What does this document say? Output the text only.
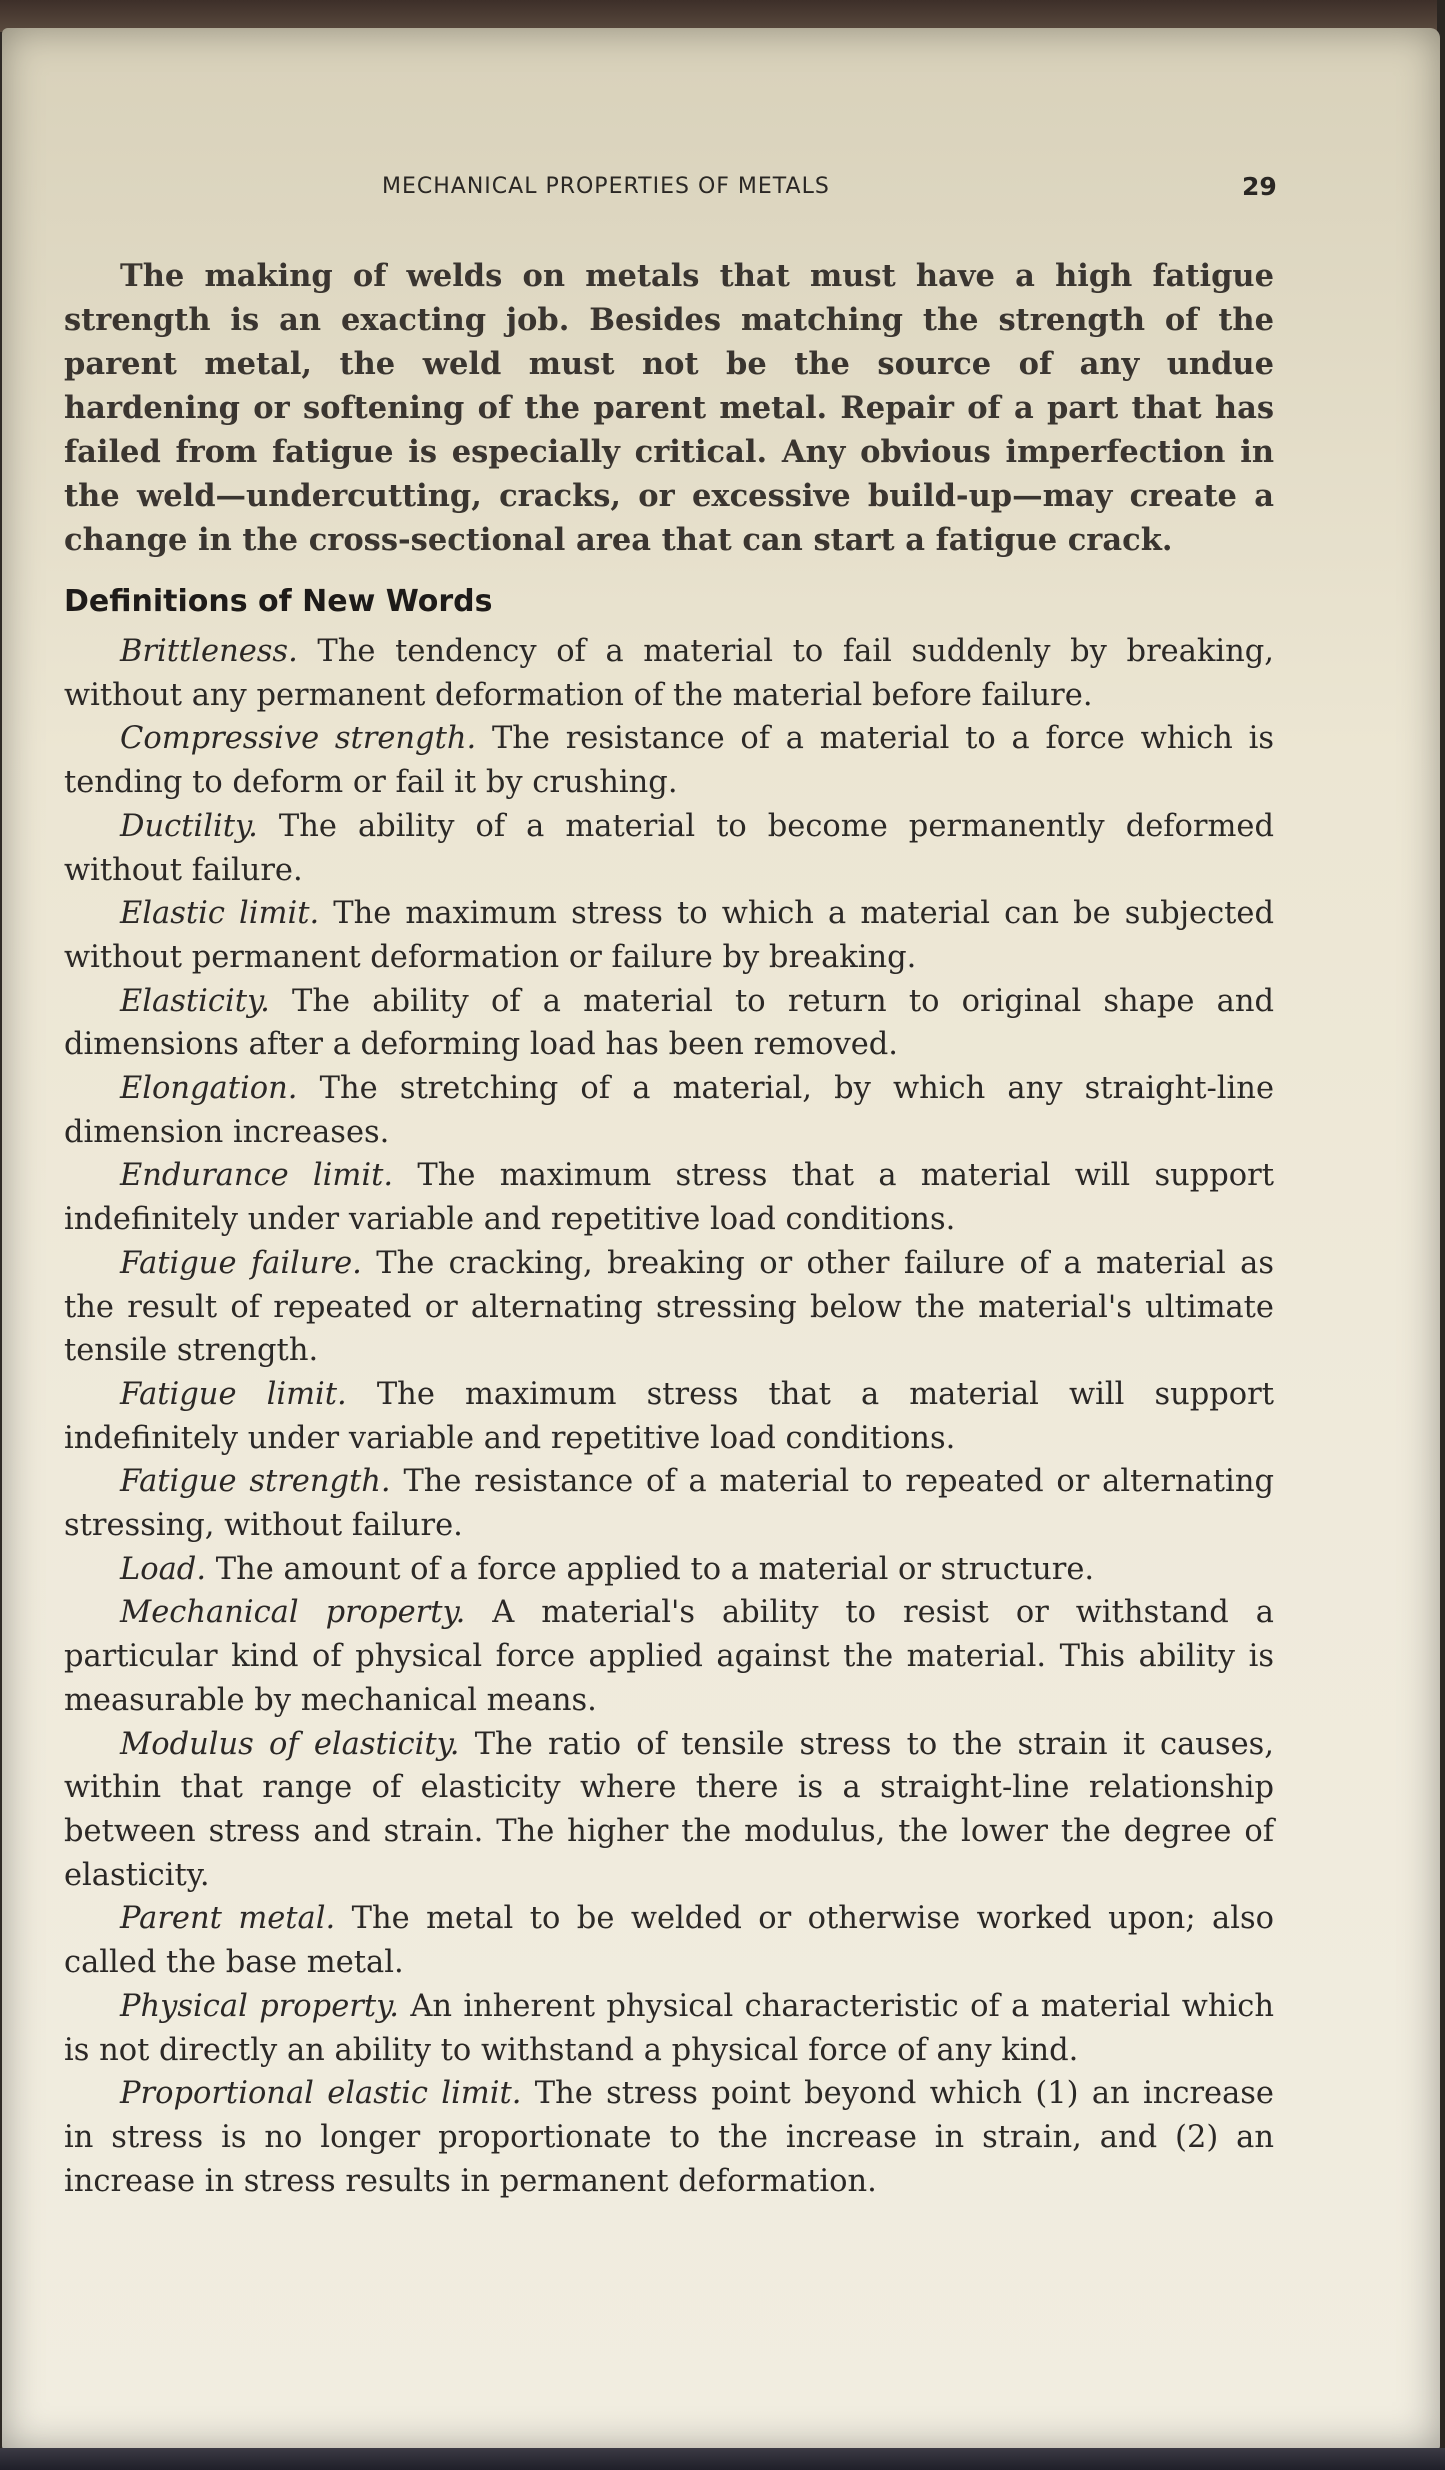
MECHANICAL PROPERTIES OF METALS	29

The making of welds on metals that must have a high fatigue strength is an exacting job. Besides matching the strength of the parent metal, the weld must not be the source of any undue hardening or softening of the parent metal. Repair of a part that has failed from fatigue is especially critical. Any obvious imperfection in the weld—undercutting, cracks, or excessive build-up—may create a change in the cross-sectional area that can start a fatigue crack.

Definitions of New Words

Brittleness. The tendency of a material to fail suddenly by breaking, without any permanent deformation of the material before failure.

Compressive strength. The resistance of a material to a force which is tending to deform or fail it by crushing.

Ductility. The ability of a material to become permanently deformed without failure.

Elastic limit. The maximum stress to which a material can be subjected without permanent deformation or failure by breaking.

Elasticity. The ability of a material to return to original shape and dimensions after a deforming load has been removed.

Elongation. The stretching of a material, by which any straight-line dimension increases.

Endurance limit. The maximum stress that a material will support indefinitely under variable and repetitive load conditions.

Fatigue failure. The cracking, breaking or other failure of a material as the result of repeated or alternating stressing below the material's ultimate tensile strength.

Fatigue limit. The maximum stress that a material will support indefinitely under variable and repetitive load conditions.

Fatigue strength. The resistance of a material to repeated or alternating stressing, without failure.

Load. The amount of a force applied to a material or structure.

Mechanical property. A material's ability to resist or withstand a particular kind of physical force applied against the material. This ability is measurable by mechanical means.

Modulus of elasticity. The ratio of tensile stress to the strain it causes, within that range of elasticity where there is a straight-line relationship between stress and strain. The higher the modulus, the lower the degree of elasticity.

Parent metal. The metal to be welded or otherwise worked upon; also called the base metal.

Physical property. An inherent physical characteristic of a material which is not directly an ability to withstand a physical force of any kind.

Proportional elastic limit. The stress point beyond which (1) an increase in stress is no longer proportionate to the increase in strain, and (2) an increase in stress results in permanent deformation.
